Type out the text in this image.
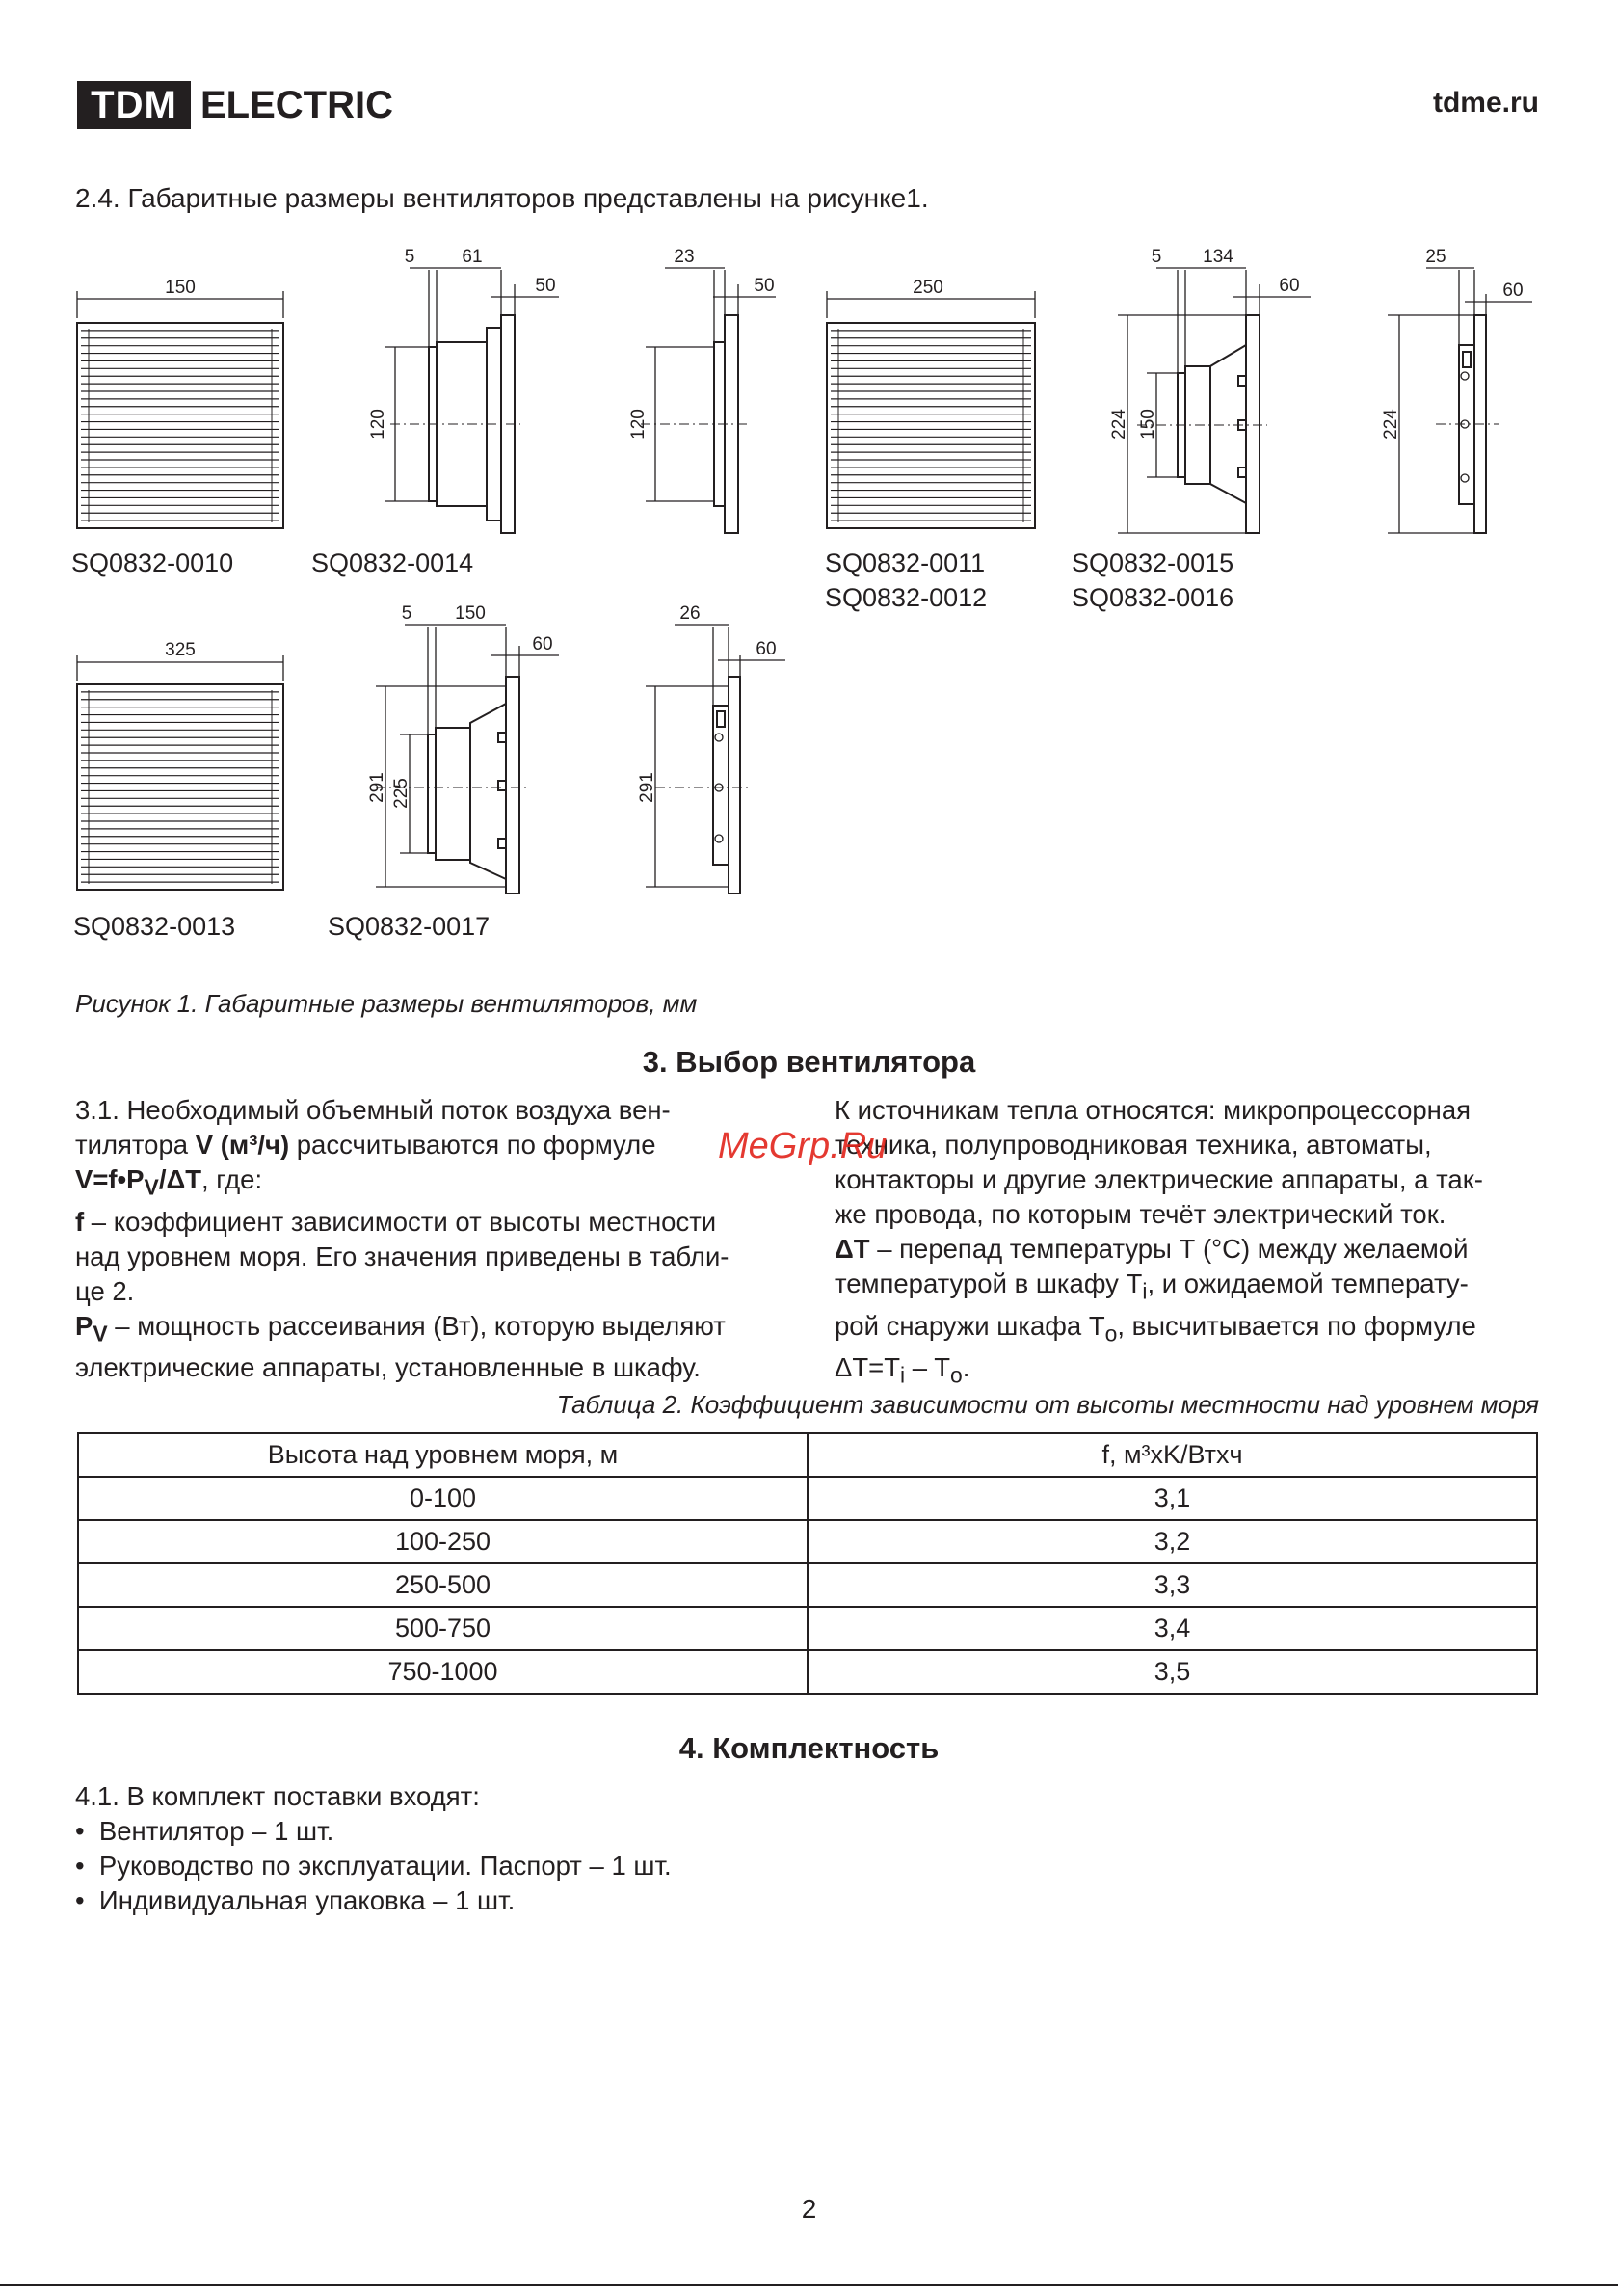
TDM ELECTRIC	tdme.ru
2.4. Габаритные размеры вентиляторов представлены на рисунке1.
150
120
5	61
50
120
23
50	250
224 150
5 134
60
224
25
60
325
291 225
5 150
60
291
26
60
SQ0832-0010	SQ0832-0014	SQ0832-0011
SQ0832-0012
SQ0832-0015
SQ0832-0016
SQ0832-0013	SQ0832-0017
Рисунок 1. Габаритные размеры вентиляторов, мм
3. Выбор вентилятора
3.1. Необходимый объемный поток воздуха вен-
тилятора V (м³/ч) рассчитываются по формуле
$V=f•P_V/\Delta T$, где:
f – коэффициент зависимости от высоты местности
над уровнем моря. Его значения приведены в табли-
це 2.
$P_V$ – мощность рассеивания (Вт), которую выделяют
электрические аппараты, установленные в шкафу.
К источникам тепла относятся: микропроцессорная
техника, полупроводниковая техника, автоматы,
контакторы и другие электрические аппараты, а так-
же провода, по которым течёт электрический ток.
ΔT – перепад температуры Т (°C) между желаемой
температурой в шкафу $Т_i$, и ожидаемой температу-
рой снаружи шкафа $Т_o$, высчитывается по формуле
$\Delta T=T_i - T_o$.
MeGrp.Ru
Таблица 2. Коэффициент зависимости от высоты местности над уровнем моря
Высота над уровнем моря, м	f, м³xK/Втxч
0-100	3,1
100-250	3,2
250-500	3,3
500-750	3,4
750-1000	3,5
4. Комплектность
4.1. В комплект поставки входят:
• Вентилятор – 1 шт.
• Руководство по эксплуатации. Паспорт – 1 шт.
• Индивидуальная упаковка – 1 шт.
2
